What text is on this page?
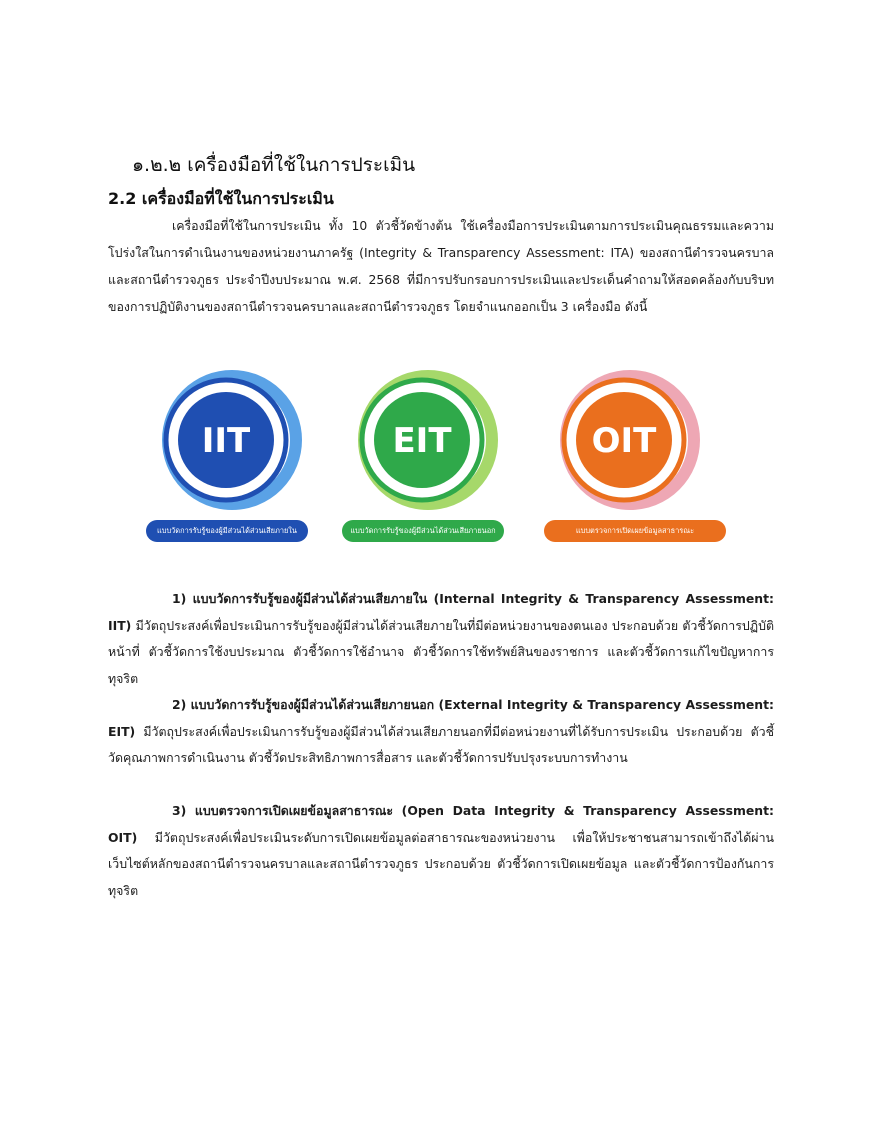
๑.๒.๒ เครื่องมือที่ใช้ในการประเมิน
2.2 เครื่องมือที่ใช้ในการประเมิน

เครื่องมือที่ใช้ในการประเมิน ทั้ง 10 ตัวชี้วัดข้างต้น ใช้เครื่องมือการประเมินตามการประเมินคุณธรรมและความโปร่งใสในการดำเนินงานของหน่วยงานภาครัฐ (Integrity & Transparency Assessment: ITA) ของสถานีตำรวจนครบาลและสถานีตำรวจภูธร ประจำปีงบประมาณ พ.ศ. 2568 ที่มีการปรับกรอบการประเมินและประเด็นคำถามให้สอดคล้องกับบริบทของการปฏิบัติงานของสถานีตำรวจนครบาลและสถานีตำรวจภูธร โดยจำแนกออกเป็น 3 เครื่องมือ ดังนี้

IIT
แบบวัดการรับรู้ของผู้มีส่วนได้ส่วนเสียภายใน
EIT
แบบวัดการรับรู้ของผู้มีส่วนได้ส่วนเสียภายนอก
OIT
แบบตรวจการเปิดเผยข้อมูลสาธารณะ

1) แบบวัดการรับรู้ของผู้มีส่วนได้ส่วนเสียภายใน (Internal Integrity & Transparency Assessment: IIT) มีวัตถุประสงค์เพื่อประเมินการรับรู้ของผู้มีส่วนได้ส่วนเสียภายในที่มีต่อหน่วยงานของตนเอง ประกอบด้วย ตัวชี้วัดการปฏิบัติหน้าที่ ตัวชี้วัดการใช้งบประมาณ ตัวชี้วัดการใช้อำนาจ ตัวชี้วัดการใช้ทรัพย์สินของราชการ และตัวชี้วัดการแก้ไขปัญหาการทุจริต

2) แบบวัดการรับรู้ของผู้มีส่วนได้ส่วนเสียภายนอก (External Integrity & Transparency Assessment: EIT) มีวัตถุประสงค์เพื่อประเมินการรับรู้ของผู้มีส่วนได้ส่วนเสียภายนอกที่มีต่อหน่วยงานที่ได้รับการประเมิน ประกอบด้วย ตัวชี้วัดคุณภาพการดำเนินงาน ตัวชี้วัดประสิทธิภาพการสื่อสาร และตัวชี้วัดการปรับปรุงระบบการทำงาน

3) แบบตรวจการเปิดเผยข้อมูลสาธารณะ (Open Data Integrity & Transparency Assessment: OIT) มีวัตถุประสงค์เพื่อประเมินระดับการเปิดเผยข้อมูลต่อสาธารณะของหน่วยงาน เพื่อให้ประชาชนสามารถเข้าถึงได้ผ่านเว็บไซต์หลักของสถานีตำรวจนครบาลและสถานีตำรวจภูธร ประกอบด้วย ตัวชี้วัดการเปิดเผยข้อมูล และตัวชี้วัดการป้องกันการทุจริต
